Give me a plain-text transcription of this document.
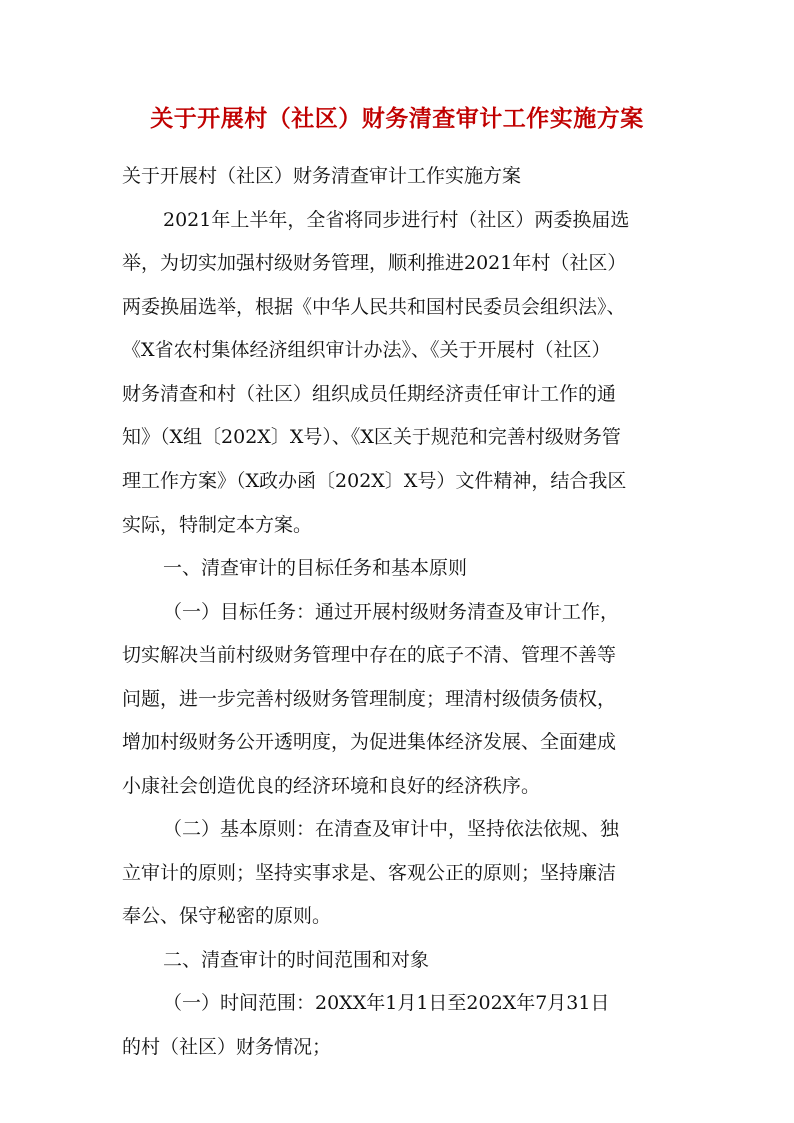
关于开展村（社区）财务清查审计工作实施方案
关于开展村（社区）财务清查审计工作实施方案
2021年上半年，全省将同步进行村（社区）两委换届选
举，为切实加强村级财务管理，顺利推进2021年村（社区）
两委换届选举，根据《中华人民共和国村民委员会组织法》、
《X省农村集体经济组织审计办法》、《关于开展村（社区）
财务清查和村（社区）组织成员任期经济责任审计工作的通
知》（X组〔202X〕X号）、《X区关于规范和完善村级财务管
理工作方案》（X政办函〔202X〕X号）文件精神，结合我区
实际，特制定本方案。
一、清查审计的目标任务和基本原则
（一）目标任务：通过开展村级财务清查及审计工作，
切实解决当前村级财务管理中存在的底子不清、管理不善等
问题，进一步完善村级财务管理制度；理清村级债务债权，
增加村级财务公开透明度，为促进集体经济发展、全面建成
小康社会创造优良的经济环境和良好的经济秩序。
（二）基本原则：在清查及审计中，坚持依法依规、独
立审计的原则；坚持实事求是、客观公正的原则；坚持廉洁
奉公、保守秘密的原则。
二、清查审计的时间范围和对象
（一）时间范围：20XX年1月1日至202X年7月31日
的村（社区）财务情况；
